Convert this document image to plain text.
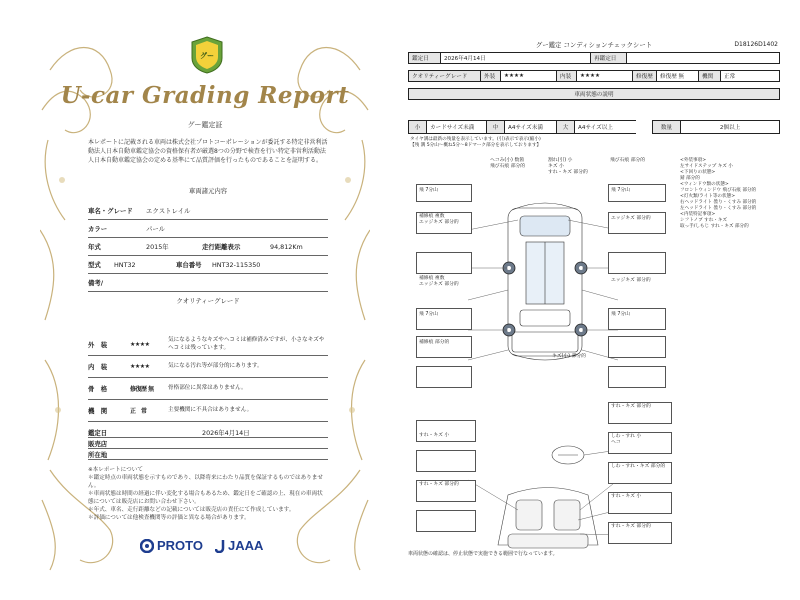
グー
U-car Grading Report
グー鑑定証
本レポートに記載される車両は株式会社プロトコーポレーションが委託する特定非営利活動法人日本自動車鑑定協会の資格保有者が厳選8つの分野で検査を行い特定非営利活動法人日本自動車鑑定協会の定める基準にて品質評価を行ったものであることを証明する。
車両諸元内容
車名・グレード	エクストレイル
カラー	パール
年式	2015年	走行距離表示	94,812Km
型式	HNT32	車台番号	HNT32-115350
備考/
クオリティーグレード
外　装	★★★★
気になるようなキズやヘコミは補修済みですが、小さなキズやヘコミは残っています。
内　装	★★★★	気になる汚れ等が部分的にあります。
骨　格	修復歴 無	骨格部位に異常はありません。
機　関	正　常	主要機関に不具合はありません。
鑑定日	2026年4月14日
販売店
所在地
※本レポートについて
＊鑑定時点の車両状態を示すものであり、以降将来にわたり品質を保証するものではありません。
＊車両状態は時間の経過に伴い変化する場合もあるため、鑑定日をご確認の上、現在の車両状態については販売店にお問い合わせ下さい。
＊年式、車名、走行距離などの記載については販売店の責任にて作成しています。
＊評価については他検査機関等の評価と異なる場合があります。
PROTO JAAA
グー鑑定 コンディションチェックシート	D18126D1402
鑑定日	2026年4月14日	再鑑定日
クオリティーグレード	外装	★★★★	内装	★★★★	修復歴	修復歴 無	機関	正常
車両状態の説明
小	カードサイズ未満	中	A4サイズ未満	大	A4サイズ以上	数量	2個以上
タイヤ溝は最新の残量を表示しています。(引)表示で表示(縮小)
【残 溝 5分山～概ね5分～8ドマーク部分を表示しております】
ヘコみ(小) 数箇
飛び石痕 部分的
割れ(引) 小
キズ 小
すれ・キズ 部分的
飛び石痕 部分的
飛 7分山	飛 7分山
補修痕 複数
エッジキズ 部分的
エッジキズ 部分的
補修痕 複数
エッジキズ 部分的
エッジキズ 部分的
飛 7分山	飛 7分山
補修痕 部分的
キズ(小) 部分的
すれ・キズ 部分的
すれ・キズ 小	しわ・すれ 小
ヘコ
しわ・すれ・キズ 部分的
すれ・キズ 小
すれ・キズ 部分的
すれ・キズ 部分的
<外装事項>
左サイドステップ キズ 小
<下回りの状態>
錆 部分的
<ウィンドウ類の状態>
フロントウィンドウ 飛び石痕 部分的
<灯火類/ライト等の状態>
右ヘッドライト 曇り・くすみ 部分的
左ヘッドライト 曇り・くすみ 部分的
<内装特記事項>
シフトノブ すれ・キズ
取っ手/しもじ すれ・キズ 部分的
車両状態の確認は、停止状態で実施できる範囲で行なっています。
